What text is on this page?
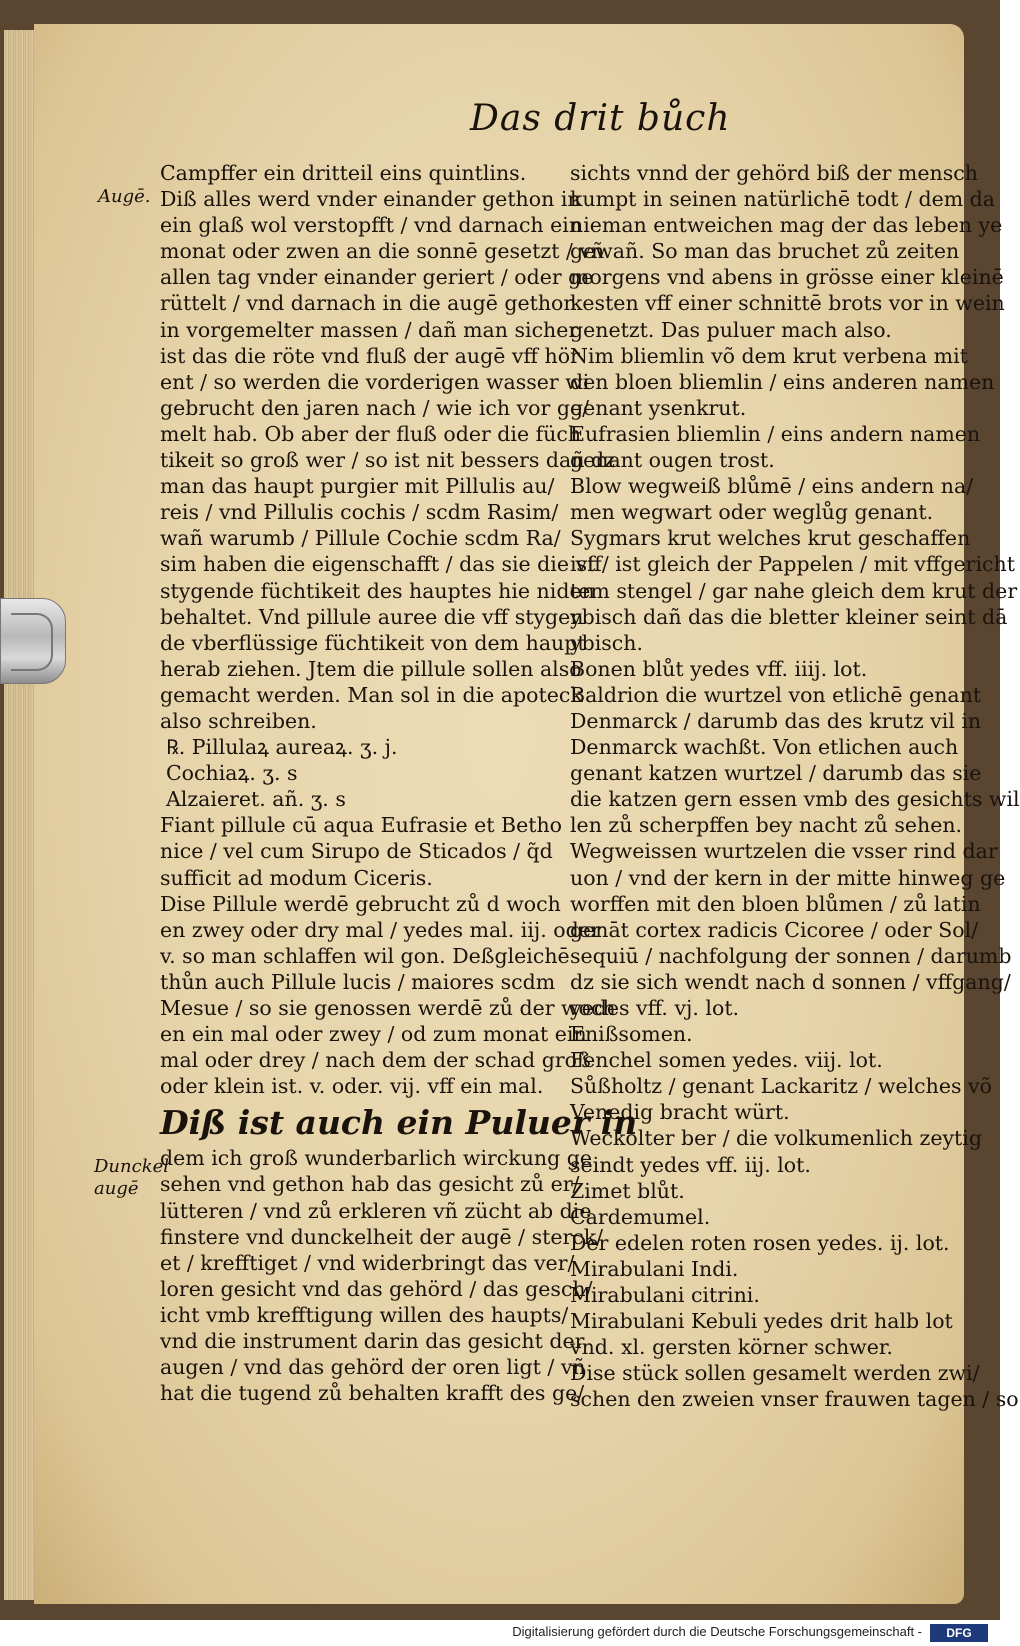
Das drit bůch
Augē.
Dunckel augē
Campffer ein dritteil eins quintlins.
Diß alles werd vnder einander gethon in
ein glaß wol verstopfft / vnd darnach ein
monat oder zwen an die sonnē gesetzt / vñ
allen tag vnder einander geriert / oder ge
rüttelt / vnd darnach in die augē gethon
in vorgemelter massen / dañ man sicher
ist das die röte vnd fluß der augē vff hör
ent / so werden die vorderigen wasser wi
gebrucht den jaren nach / wie ich vor ge/
melt hab. Ob aber der fluß oder die füch
tikeit so groß wer / so ist nit bessers dañ dz
man das haupt purgier mit Pillulis au/
reis / vnd Pillulis cochis / scdm Rasim/
wañ warumb / Pillule Cochie scdm Ra/
sim haben die eigenschafft / das sie die vff
stygende füchtikeit des hauptes hie niden
behaltet. Vnd pillule auree die vff stygen
de vberflüssige füchtikeit von dem haupt
herab ziehen. Jtem die pillule sollen also
gemacht werden. Man sol in die apoteck
also schreiben.
℞. Pillulaꝝ aureaꝝ. ʒ. j.
Cochiaꝝ. ʒ. s
Alzaieret. añ. ʒ. s
Fiant pillule cū aqua Eufrasie et Betho
nice / vel cum Sirupo de Sticados / q̃d
sufficit ad modum Ciceris.
Dise Pillule werdē gebrucht zů d woch
en zwey oder dry mal / yedes mal. iij. oder
v. so man schlaffen wil gon. Deßgleichē
thůn auch Pillule lucis / maiores scdm
Mesue / so sie genossen werdē zů der woch
en ein mal oder zwey / od zum monat ein
mal oder drey / nach dem der schad groß
oder klein ist. v. oder. vij. vff ein mal.
Diß ist auch ein Puluer in
dem ich groß wunderbarlich wirckung ge
sehen vnd gethon hab das gesicht zů er/
lütteren / vnd zů erkleren vñ zücht ab die
finstere vnd dunckelheit der augē / sterck/
et / krefftiget / vnd widerbringt das ver/
loren gesicht vnd das gehörd / das gesch/
icht vmb krefftigung willen des haupts/
vnd die instrument darin das gesicht der
augen / vnd das gehörd der oren ligt / vñ
hat die tugend zů behalten krafft des ge/
sichts vnnd der gehörd biß der mensch
kumpt in seinen natürlichē todt / dem da
nieman entweichen mag der das leben ye
gewañ. So man das bruchet zů zeiten
morgens vnd abens in grösse einer kleinē
kesten vff einer schnittē brots vor in wein
genetzt. Das puluer mach also.
Nim bliemlin võ dem krut verbena mit
den bloen bliemlin / eins anderen namen
genant ysenkrut.
Eufrasien bliemlin / eins andern namen
genant ougen trost.
Blow wegweiß blůmē / eins andern na/
men wegwart oder weglůg genant.
Sygmars krut welches krut geschaffen
ist / ist gleich der Pappelen / mit vffgericht
tem stengel / gar nahe gleich dem krut der
ybisch dañ das die bletter kleiner seint dā
ybisch.
Bonen blůt yedes vff. iiij. lot.
Baldrion die wurtzel von etlichē genant
Denmarck / darumb das des krutz vil in
Denmarck wachßt. Von etlichen auch
genant katzen wurtzel / darumb das sie
die katzen gern essen vmb des gesichts wil
len zů scherpffen bey nacht zů sehen.
Wegweissen wurtzelen die vsser rind dar
uon / vnd der kern in der mitte hinweg ge
worffen mit den bloen blůmen / zů latin
genāt cortex radicis Cicoree / oder Sol/
sequiū / nachfolgung der sonnen / darumb
dz sie sich wendt nach d sonnen / vffgang/
yedes vff. vj. lot.
Enißsomen.
Fenchel somen yedes. viij. lot.
Sůßholtz / genant Lackaritz / welches võ
Venedig bracht würt.
Weckolter ber / die volkumenlich zeytig
seindt yedes vff. iij. lot.
Zimet blůt.
Cardemumel.
Der edelen roten rosen yedes. ij. lot.
Mirabulani Indi.
Mirabulani citrini.
Mirabulani Kebuli yedes drit halb lot
vnd. xl. gersten körner schwer.
Dise stück sollen gesamelt werden zwi/
schen den zweien vnser frauwen tagen / so
Digitalisierung gefördert durch die Deutsche Forschungsgemeinschaft -	DFG
